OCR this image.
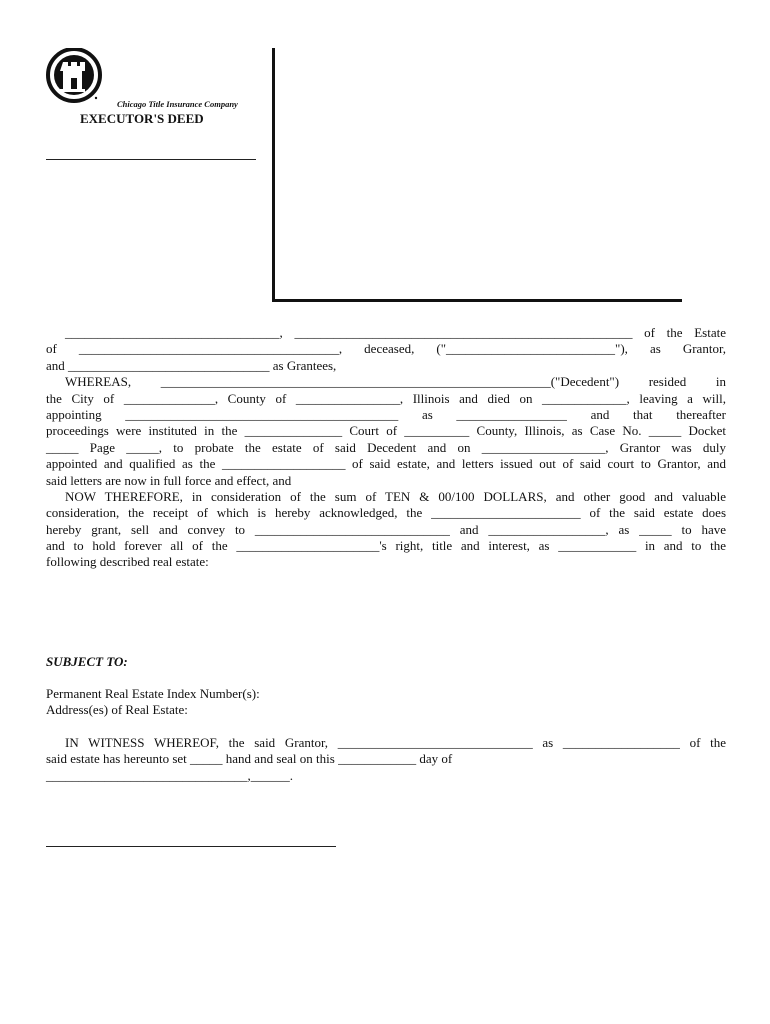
Chicago Title Insurance Company
EXECUTOR'S DEED
_________________________________, ____________________________________________________ of the Estate
of ________________________________________, deceased, ("__________________________"), as Grantor,
and _______________________________ as Grantees,
WHEREAS, ____________________________________________________________("Decedent") resided in
the City of ______________, County of ________________, Illinois and died on _____________, leaving a will,
appointing __________________________________________ as _________________ and that thereafter
proceedings were instituted in the _______________ Court of __________ County, Illinois, as Case No. _____ Docket
_____ Page _____, to probate the estate of said Decedent and on ___________________, Grantor was duly
appointed and qualified as the ___________________ of said estate, and letters issued out of said court to Grantor, and
said letters are now in full force and effect, and
NOW THEREFORE, in consideration of the sum of TEN & 00/100 DOLLARS, and other good and valuable
consideration, the receipt of which is hereby acknowledged, the _______________________ of the said estate does
hereby grant, sell and convey to ______________________________ and __________________, as _____ to have
and to hold forever all of the ______________________'s right, title and interest, as ____________ in and to the
following described real estate:
SUBJECT TO:
Permanent Real Estate Index Number(s):
Address(es) of Real Estate:
IN WITNESS WHEREOF, the said Grantor, ______________________________ as __________________ of the
said estate has hereunto set _____ hand and seal on this ____________ day of
_______________________________,______.
